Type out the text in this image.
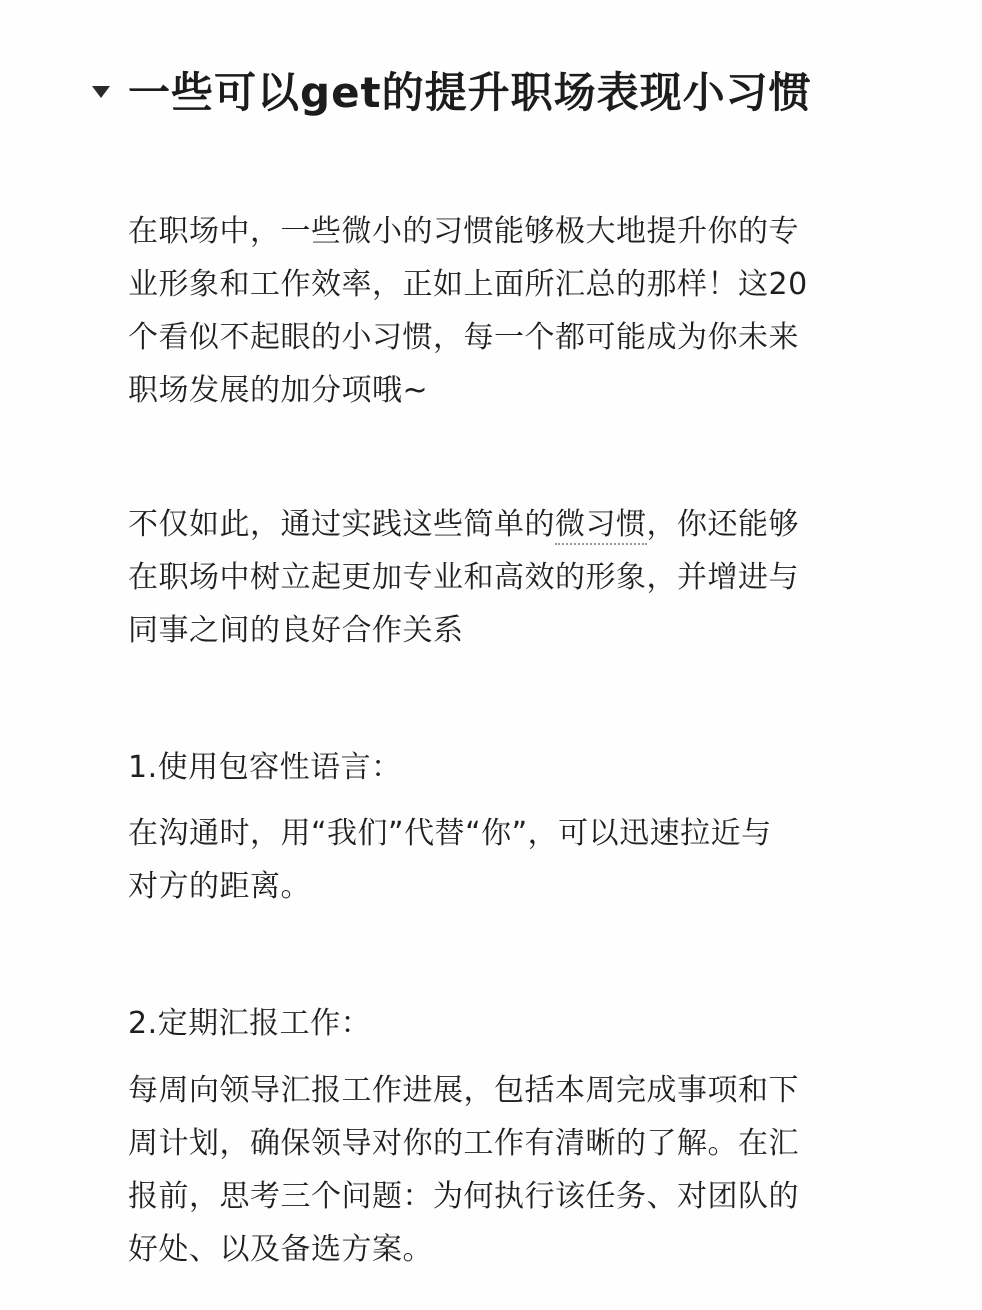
一些可以get的提升职场表现小习惯
在职场中，一些微小的习惯能够极大地提升你的专
业形象和工作效率，正如上面所汇总的那样！这20
个看似不起眼的小习惯，每一个都可能成为你未来
职场发展的加分项哦~
不仅如此，通过实践这些简单的微习惯，你还能够
在职场中树立起更加专业和高效的形象，并增进与
同事之间的良好合作关系
1.使用包容性语言：
在沟通时，用“我们”代替“你”，可以迅速拉近与
对方的距离。
2.定期汇报工作：
每周向领导汇报工作进展，包括本周完成事项和下
周计划，确保领导对你的工作有清晰的了解。在汇
报前，思考三个问题：为何执行该任务、对团队的
好处、以及备选方案。
